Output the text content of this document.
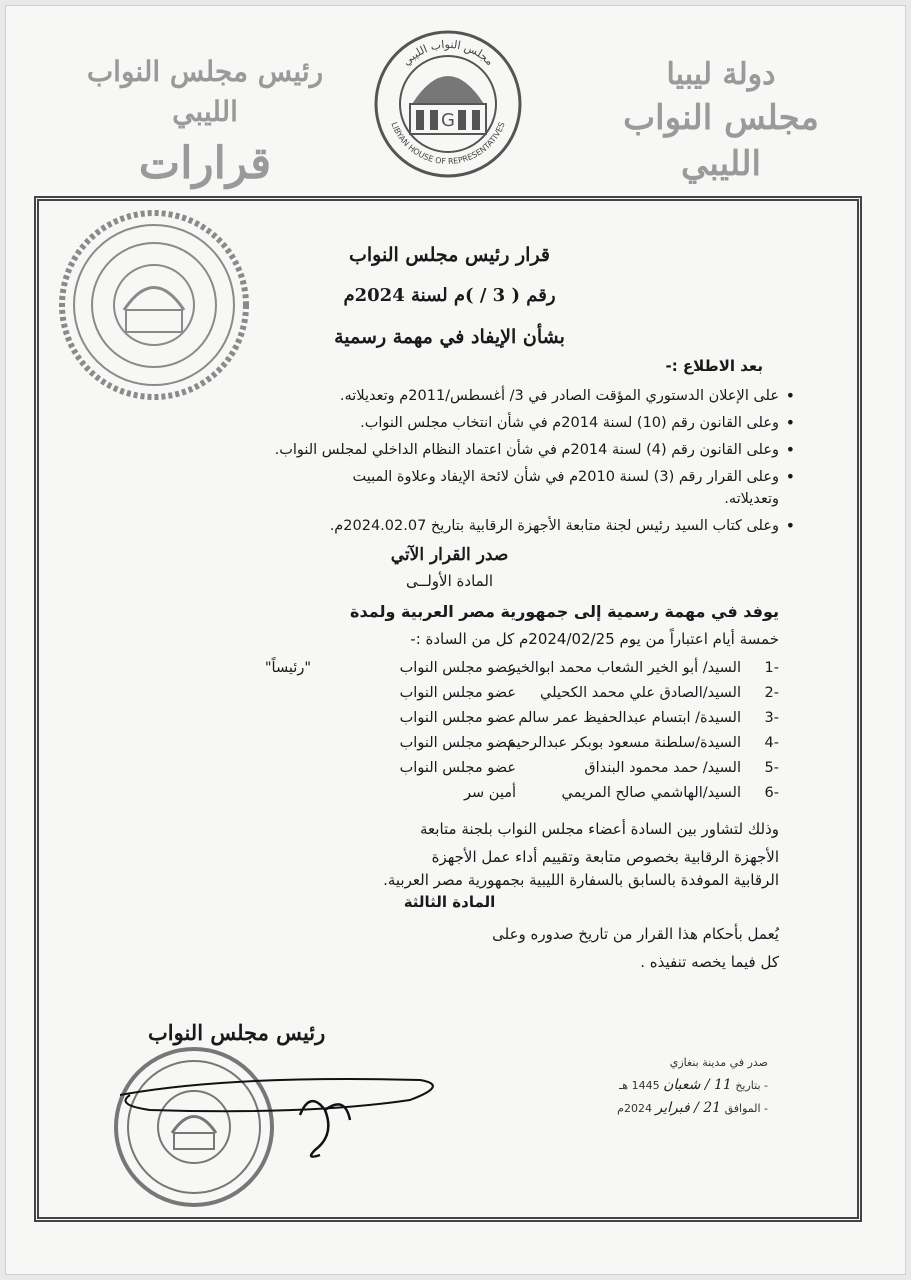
دولة ليبيا
مجلس النواب الليبي
رئيس مجلس النواب الليبي
قرارات
G
مجلس النواب الليبي
LIBYAN HOUSE OF REPRESENTATIVES
قرار رئيس مجلس النواب
رقم ( 3 / )م لسنة 2024م
بشأن الإيفاد في مهمة رسمية
بعد الاطلاع :-
• على الإعلان الدستوري المؤقت الصادر في 3/ أغسطس/2011م وتعديلاته.
• وعلى القانون رقم (10) لسنة 2014م في شأن انتخاب مجلس النواب.
• وعلى القانون رقم (4) لسنة 2014م في شأن اعتماد النظام الداخلي لمجلس النواب.
• وعلى القرار رقم (3) لسنة 2010م في شأن لائحة الإيفاد وعلاوة المبيت
وتعديلاته.
• وعلى كتاب السيد رئيس لجنة متابعة الأجهزة الرقابية بتاريخ 2024.02.07م.
صدر القرار الآتي
المادة الأولــى
يوفد في مهمة رسمية إلى جمهورية مصر العربية ولمدة
خمسة أيام اعتباراً من يوم 2024/02/25م كل من السادة :-
-1
السيد/ أبو الخير الشعاب محمد ابوالخير
عضو مجلس النواب
"رئيساً"
-2
السيد/الصادق علي محمد الكحيلي
عضو مجلس النواب
-3
السيدة/ ابتسام عبدالحفيظ عمر سالم
عضو مجلس النواب
-4
السيدة/سلطنة مسعود بوبكر عبدالرحيم
عضو مجلس النواب
-5
السيد/ حمد محمود البنداق
عضو مجلس النواب
-6
السيد/الهاشمي صالح المريمي
أمين سر
وذلك لتشاور بين السادة أعضاء مجلس النواب بلجنة متابعة
الأجهزة الرقابية بخصوص متابعة وتقييم أداء عمل الأجهزة
الرقابية الموفدة بالسابق بالسفارة الليبية بجمهورية مصر العربية.
المادة الثالثة
يُعمل بأحكام هذا القرار من تاريخ صدوره وعلى
كل فيما يخصه تنفيذه .
رئيس مجلس النواب
صدر في مدينة بنغازي
- بتاريخ 11 / شعبان 1445 هـ
- الموافق 21 / فبراير 2024م
